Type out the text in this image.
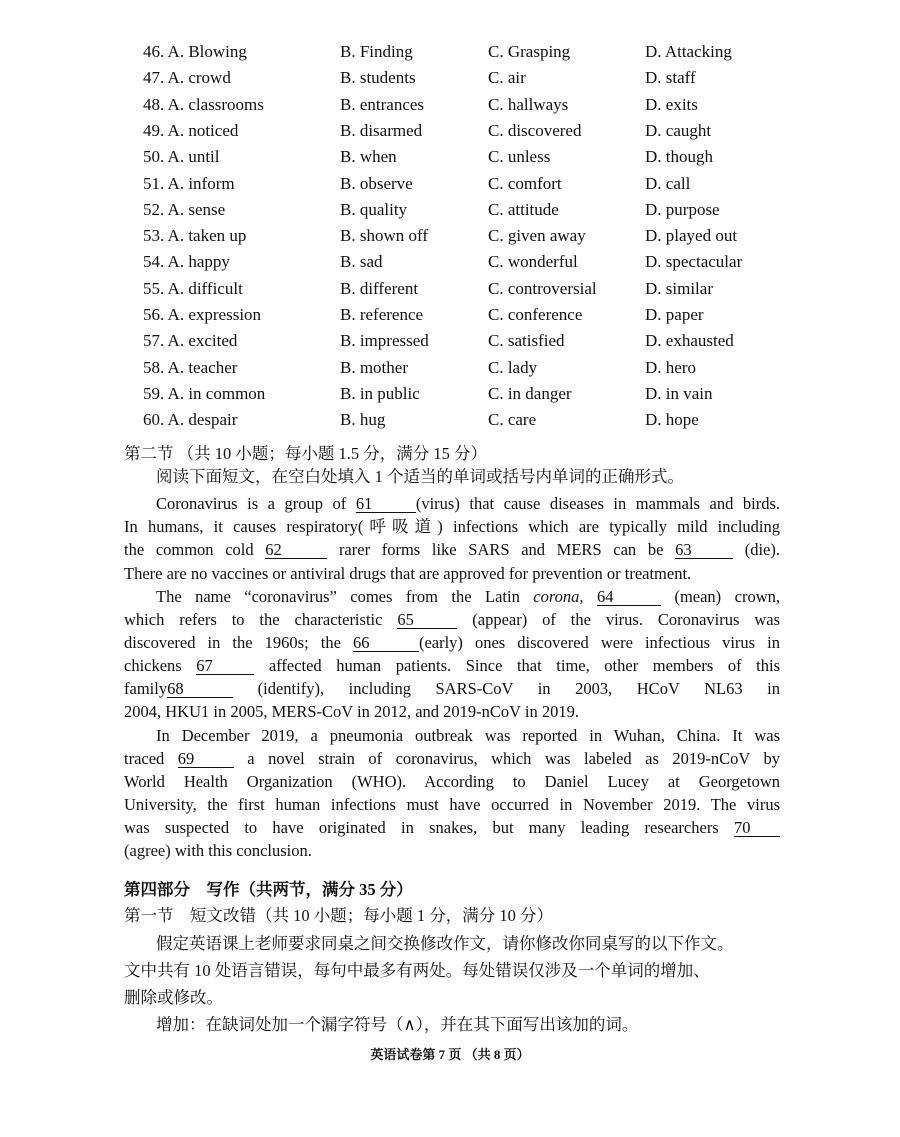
46. A. Blowing	B. Finding	C. Grasping	D. Attacking
47. A. crowd	B. students	C. air	D. staff
48. A. classrooms	B. entrances	C. hallways	D. exits
49. A. noticed	B. disarmed	C. discovered	D. caught
50. A. until	B. when	C. unless	D. though
51. A. inform	B. observe	C. comfort	D. call
52. A. sense	B. quality	C. attitude	D. purpose
53. A. taken up	B. shown off	C. given away	D. played out
54. A. happy	B. sad	C. wonderful	D. spectacular
55. A. difficult	B. different	C. controversial	D. similar
56. A. expression	B. reference	C. conference	D. paper
57. A. excited	B. impressed	C. satisfied	D. exhausted
58. A. teacher	B. mother	C. lady	D. hero
59. A. in common	B. in public	C. in danger	D. in vain
60. A. despair	B. hug	C. care	D. hope
第二节 （共 10 小题；每小题 1.5 分，满分 15 分）
阅读下面短文，在空白处填入 1 个适当的单词或括号内单词的正确形式。
Coronavirus is a group of 61	(virus) that cause diseases in mammals and birds.
In humans, it causes respiratory(呼吸道) infections which are typically mild including
the common cold 62	rarer forms like SARS and MERS can be 63	(die).
There are no vaccines or antiviral drugs that are approved for prevention or treatment.
The name “coronavirus” comes from the Latin corona, 64	(mean) crown,
which refers to the characteristic 65	(appear) of the virus. Coronavirus was
discovered in the 1960s; the 66	(early) ones discovered were infectious virus in
chickens 67	affected human patients. Since that time, other members of this
family68	(identify), including SARS-CoV in 2003, HCoV NL63 in
2004, HKU1 in 2005, MERS-CoV in 2012, and 2019-nCoV in 2019.
In December 2019, a pneumonia outbreak was reported in Wuhan, China. It was
traced 69 a novel strain of coronavirus, which was labeled as 2019-nCoV by
World Health Organization (WHO). According to Daniel Lucey at Georgetown
University, the first human infections must have occurred in November 2019. The virus
was suspected to have originated in snakes, but many leading researchers 70
(agree) with this conclusion.
第四部分　写作（共两节，满分 35 分）
第一节　短文改错（共 10 小题；每小题 1 分，满分 10 分）
假定英语课上老师要求同桌之间交换修改作文，请你修改你同桌写的以下作文。
文中共有 10 处语言错误，每句中最多有两处。每处错误仅涉及一个单词的增加、
删除或修改。
增加：在缺词处加一个漏字符号（∧），并在其下面写出该加的词。
英语试卷第 7 页 （共 8 页）
